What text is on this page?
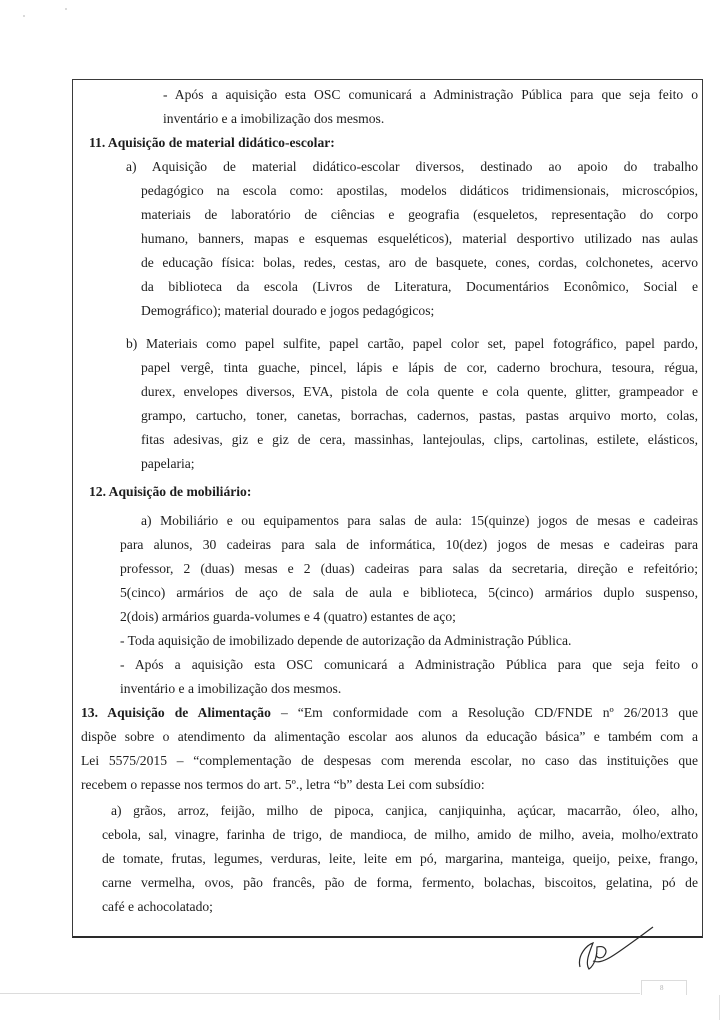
- Após a aquisição esta OSC comunicará a Administração Pública para que seja feito o
inventário e a imobilização dos mesmos.
11. Aquisição de material didático-escolar:
a) Aquisição de material didático-escolar diversos, destinado ao apoio do trabalho
pedagógico na escola como: apostilas, modelos didáticos tridimensionais, microscópios,
materiais de laboratório de ciências e geografia (esqueletos, representação do corpo
humano, banners, mapas e esquemas esqueléticos), material desportivo utilizado nas aulas
de educação física: bolas, redes, cestas, aro de basquete, cones, cordas, colchonetes, acervo
da biblioteca da escola (Livros de Literatura, Documentários Econômico, Social e
Demográfico); material dourado e jogos pedagógicos;
b) Materiais como papel sulfite, papel cartão, papel color set, papel fotográfico, papel pardo,
papel vergê, tinta guache, pincel, lápis e lápis de cor, caderno brochura, tesoura, régua,
durex, envelopes diversos, EVA, pistola de cola quente e cola quente, glitter, grampeador e
grampo, cartucho, toner, canetas, borrachas, cadernos, pastas, pastas arquivo morto, colas,
fitas adesivas, giz e giz de cera, massinhas, lantejoulas, clips, cartolinas, estilete, elásticos,
papelaria;
12. Aquisição de mobiliário:
a) Mobiliário e ou equipamentos para salas de aula: 15(quinze) jogos de mesas e cadeiras
para alunos, 30 cadeiras para sala de informática, 10(dez) jogos de mesas e cadeiras para
professor, 2 (duas) mesas e 2 (duas) cadeiras para salas da secretaria, direção e refeitório;
5(cinco) armários de aço de sala de aula e biblioteca, 5(cinco) armários duplo suspenso,
2(dois) armários guarda-volumes e 4 (quatro) estantes de aço;
- Toda aquisição de imobilizado depende de autorização da Administração Pública.
- Após a aquisição esta OSC comunicará a Administração Pública para que seja feito o
inventário e a imobilização dos mesmos.
dispõe sobre o atendimento da alimentação escolar aos alunos da educação básica” e também com a
Lei 5575/2015 – “complementação de despesas com merenda escolar, no caso das instituições que
recebem o repasse nos termos do art. 5º., letra “b” desta Lei com subsídio:
a) grãos, arroz, feijão, milho de pipoca, canjica, canjiquinha, açúcar, macarrão, óleo, alho,
cebola, sal, vinagre, farinha de trigo, de mandioca, de milho, amido de milho, aveia, molho/extrato
de tomate, frutas, legumes, verduras, leite, leite em pó, margarina, manteiga, queijo, peixe, frango,
carne vermelha, ovos, pão francês, pão de forma, fermento, bolachas, biscoitos, gelatina, pó de
café e achocolatado;
13. Aquisição de Alimentação – “Em conformidade com a Resolução CD/FNDE nº 26/2013 que
8
